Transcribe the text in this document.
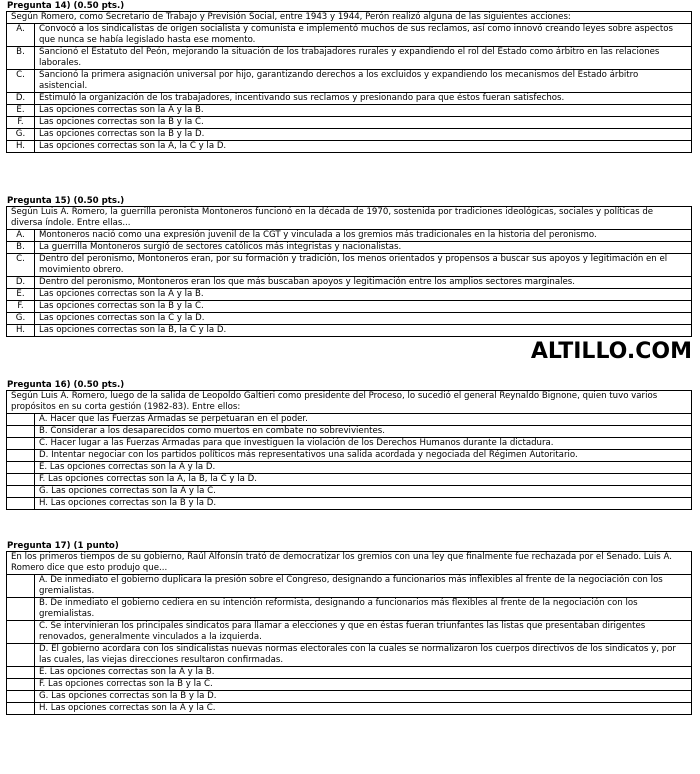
Pregunta 14) (0.50 pts.)
Según Romero, como Secretario de Trabajo y Previsión Social, entre 1943 y 1944, Perón realizó alguna de las siguientes acciones:
A.	Convocó a los sindicalistas de origen socialista y comunista e implementó muchos de sus reclamos, así como innovó creando leyes sobre aspectos que nunca se había legislado hasta ese momento.
B.	Sancionó el Estatuto del Peón, mejorando la situación de los trabajadores rurales y expandiendo el rol del Estado como árbitro en las relaciones laborales.
C.	Sancionó la primera asignación universal por hijo, garantizando derechos a los excluidos y expandiendo los mecanismos del Estado árbitro asistencial.
D.	Estimuló la organización de los trabajadores, incentivando sus reclamos y presionando para que éstos fueran satisfechos.
E.	Las opciones correctas son la A y la B.
F.	Las opciones correctas son la B y la C.
G.	Las opciones correctas son la B y la D.
H.	Las opciones correctas son la A, la C y la D.
Pregunta 15) (0.50 pts.)
Según Luis A. Romero, la guerrilla peronista Montoneros funcionó en la década de 1970, sostenida por tradiciones ideológicas, sociales y políticas de diversa índole. Entre ellas...
A.	Montoneros nació como una expresión juvenil de la CGT y vinculada a los gremios más tradicionales en la historia del peronismo.
B.	La guerrilla Montoneros surgió de sectores católicos más integristas y nacionalistas.
C.	Dentro del peronismo, Montoneros eran, por su formación y tradición, los menos orientados y propensos a buscar sus apoyos y legitimación en el movimiento obrero.
D.	Dentro del peronismo, Montoneros eran los que más buscaban apoyos y legitimación entre los amplios sectores marginales.
E.	Las opciones correctas son la A y la B.
F.	Las opciones correctas son la B y la C.
G.	Las opciones correctas son la C y la D.
H.	Las opciones correctas son la B, la C y la D.
ALTILLO.COM
Pregunta 16) (0.50 pts.)
Según Luis A. Romero, luego de la salida de Leopoldo Galtieri como presidente del Proceso, lo sucedió el general Reynaldo Bignone, quien tuvo varios propósitos en su corta gestión (1982-83). Entre ellos:
A. Hacer que las Fuerzas Armadas se perpetuaran en el poder.
B. Considerar a los desaparecidos como muertos en combate no sobrevivientes.
C. Hacer lugar a las Fuerzas Armadas para que investiguen la violación de los Derechos Humanos durante la dictadura.
D. Intentar negociar con los partidos políticos más representativos una salida acordada y negociada del Régimen Autoritario.
E. Las opciones correctas son la A y la D.
F. Las opciones correctas son la A, la B, la C y la D.
G. Las opciones correctas son la A y la C.
H. Las opciones correctas son la B y la D.
Pregunta 17) (1 punto)
En los primeros tiempos de su gobierno, Raúl Alfonsín trató de democratizar los gremios con una ley que finalmente fue rechazada por el Senado. Luis A. Romero dice que esto produjo que...
A. De inmediato el gobierno duplicara la presión sobre el Congreso, designando a funcionarios más inflexibles al frente de la negociación con los gremialistas.
B. De inmediato el gobierno cediera en su intención reformista, designando a funcionarios más flexibles al frente de la negociación con los gremialistas.
C. Se intervinieran los principales sindicatos para llamar a elecciones y que en éstas fueran triunfantes las listas que presentaban dirigentes renovados, generalmente vinculados a la izquierda.
D. El gobierno acordara con los sindicalistas nuevas normas electorales con la cuales se normalizaron los cuerpos directivos de los sindicatos y, por las cuales, las viejas direcciones resultaron confirmadas.
E. Las opciones correctas son la A y la B.
F. Las opciones correctas son la B y la C.
G. Las opciones correctas son la B y la D.
H. Las opciones correctas son la A y la C.
